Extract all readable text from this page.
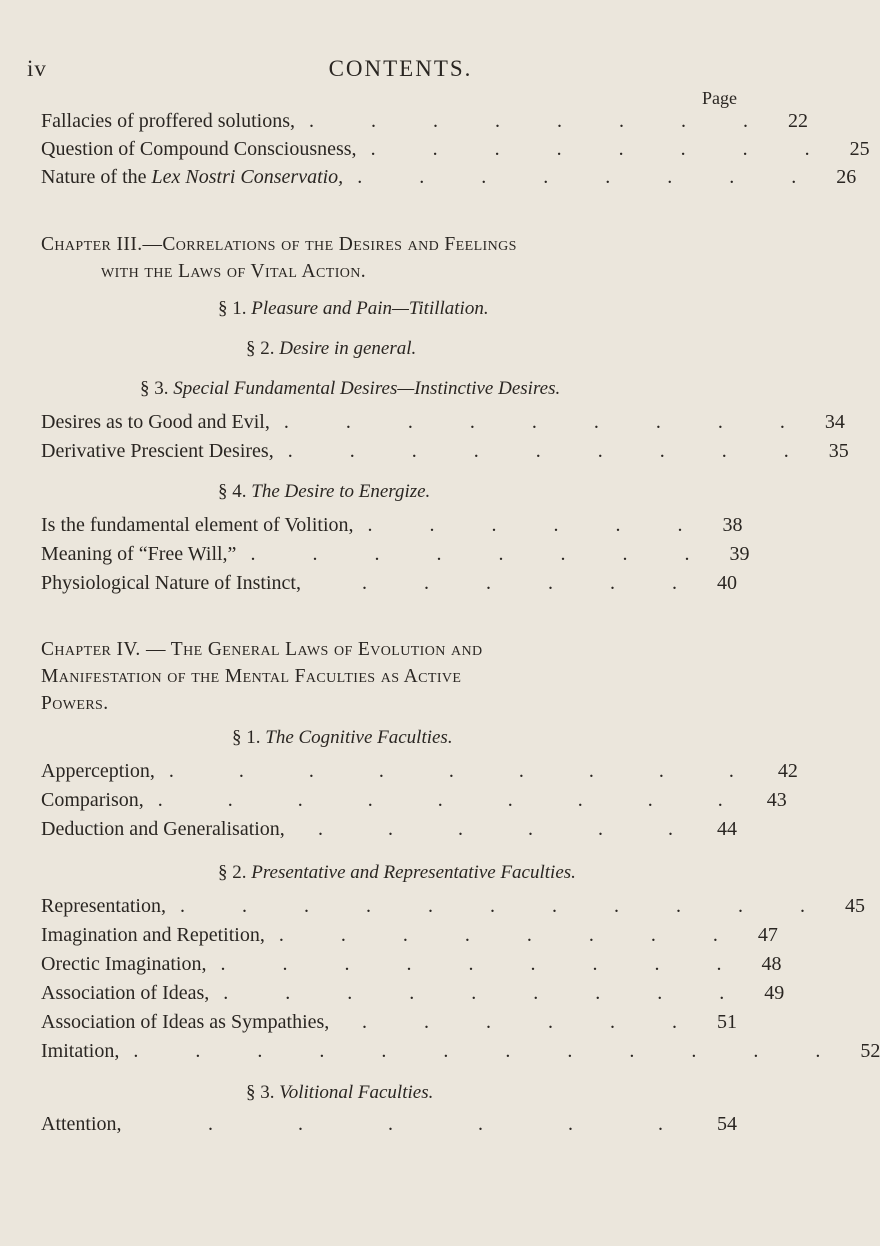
iv	CONTENTS.
Page
Fallacies of proffered solutions, . . . . . . . . 22
Question of Compound Consciousness, . . . . . . . . 25
Nature of the Lex Nostri Conservatio, . . . . . . . . 26
Chapter III.—Correlations of the Desires and Feelings
with the Laws of Vital Action.
§ 1. Pleasure and Pain—Titillation.
§ 2. Desire in general.
§ 3. Special Fundamental Desires—Instinctive Desires.
Desires as to Good and Evil, . . . . . . . . . 34
Derivative Prescient Desires, . . . . . . . . . 35
§ 4. The Desire to Energize.
Is the fundamental element of Volition, . . . . . . 38
Meaning of “Free Will,” . . . . . . . . 39
Physiological Nature of Instinct,	. . . . . . 40
Chapter IV. — The General Laws of Evolution and
Manifestation of the Mental Faculties as Active
Powers.
§ 1. The Cognitive Faculties.
Apperception, . . . . . . . . . 42
Comparison, . . . . . . . . . 43
Deduction and Generalisation,	. . . . . . 44
§ 2. Presentative and Representative Faculties.
Representation, . . . . . . . . . . . 45
Imagination and Repetition, . . . . . . . . 47
Orectic Imagination, . . . . . . . . . 48
Association of Ideas, . . . . . . . . . 49
Association of Ideas as Sympathies,	. . . . . . 51
Imitation, . . . . . . . . . . . . 52
§ 3. Volitional Faculties.
Attention,	. . . . . . 54
